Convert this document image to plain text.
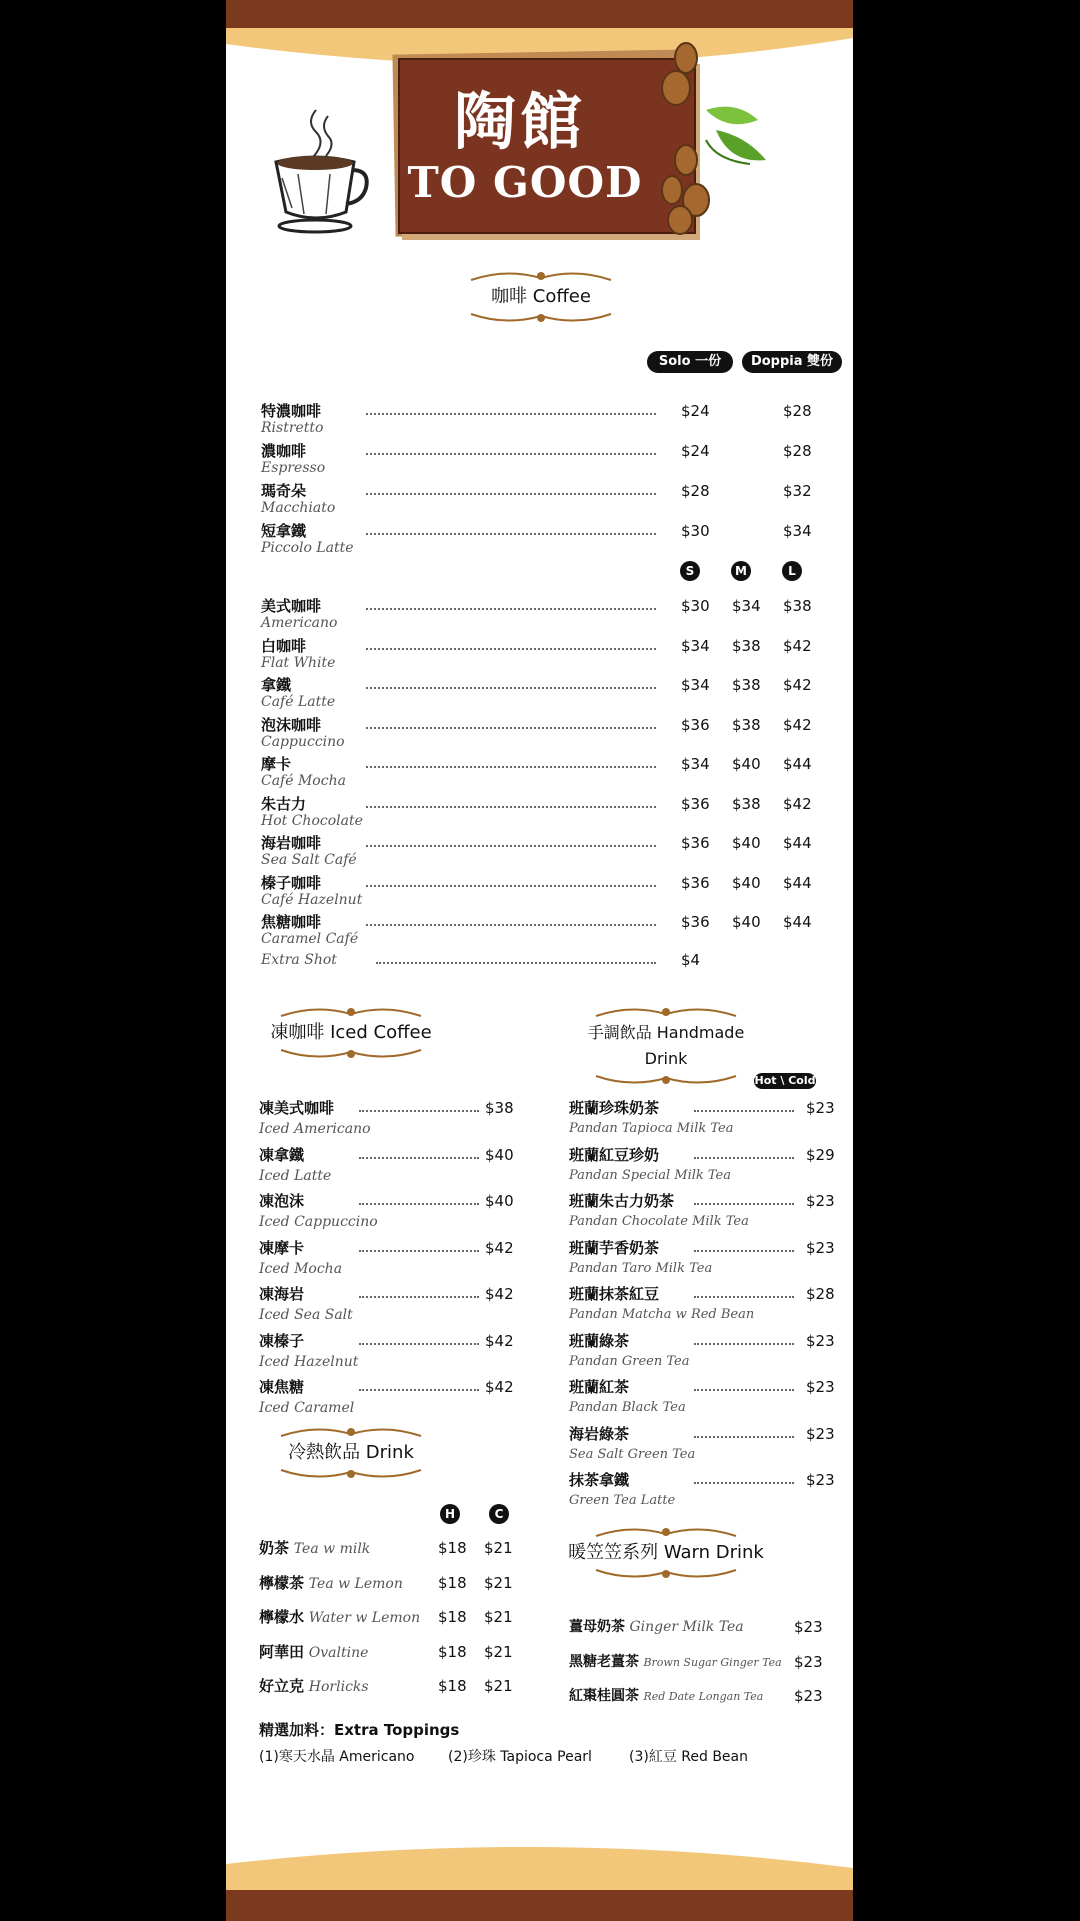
陶館
TO GOOD
咖啡 Coffee
Solo 一份	Doppia 雙份
特濃咖啡
Ristretto
$24	$28
濃咖啡
Espresso
$24	$28
瑪奇朵
Macchiato
$28	$32
短拿鐵
Piccolo Latte
$30	$34
S	M	L
美式咖啡
Americano
$30 $34 $38
白咖啡
Flat White
$34 $38 $42
拿鐵
Café Latte
$34 $38 $42
泡沫咖啡
Cappuccino
$36 $38 $42
摩卡
Café Mocha
$34 $40 $44
朱古力
Hot Chocolate
$36 $38 $42
海岩咖啡
Sea Salt Café
$36 $40 $44
榛子咖啡
Café Hazelnut
$36 $40 $44
焦糖咖啡
Caramel Café
$36 $40 $44
Extra Shot	$4
凍咖啡 Iced Coffee
凍美式咖啡
Iced Americano
$38
凍拿鐵
Iced Latte
$40
凍泡沫
Iced Cappuccino
$40
凍摩卡
Iced Mocha
$42
凍海岩
Iced Sea Salt
$42
凍榛子
Iced Hazelnut
$42
凍焦糖
Iced Caramel
$42
手調飲品 Handmade Drink
Hot \ Cold
班蘭珍珠奶茶
Pandan Tapioca Milk Tea
$23
班蘭紅豆珍奶
Pandan Special Milk Tea
$29
班蘭朱古力奶茶
Pandan Chocolate Milk Tea
$23
班蘭芋香奶茶
Pandan Taro Milk Tea
$23
班蘭抹茶紅豆
Pandan Matcha w Red Bean
$28
班蘭綠茶
Pandan Green Tea
$23
班蘭紅茶
Pandan Black Tea
$23
海岩綠茶
Sea Salt Green Tea
$23
抹茶拿鐵
Green Tea Latte
$23
冷熱飲品 Drink
H	C
奶茶 Tea w milk	$18 $21
檸檬茶 Tea w Lemon $18 $21
檸檬水 Water w Lemon $18 $21
阿華田 Ovaltine	$18 $21
好立克 Horlicks	$18 $21
暖笠笠系列 Warn Drink
薑母奶茶 Ginger Milk Tea	$23
黑糖老薑茶 Brown Sugar Ginger Tea $23
紅棗桂圓茶 Red Date Longan Tea $23
精選加料：Extra Toppings
(1)寒天水晶 Americano (2)珍珠 Tapioca Pearl	(3)紅豆 Red Bean
